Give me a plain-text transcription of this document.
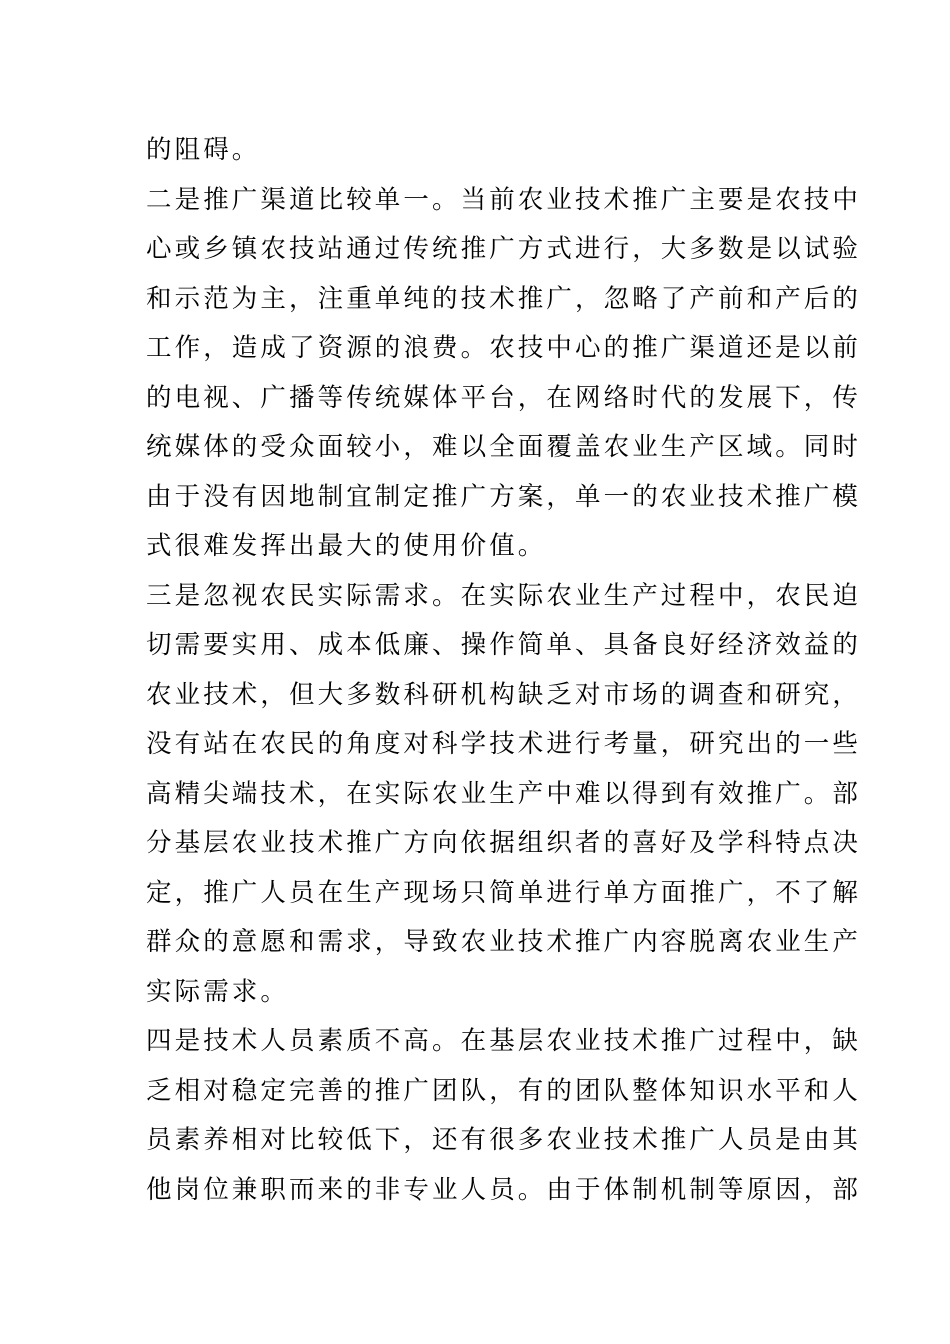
的阻碍。
二是推广渠道比较单一。当前农业技术推广主要是农技中
心或乡镇农技站通过传统推广方式进行，大多数是以试验
和示范为主，注重单纯的技术推广，忽略了产前和产后的
工作，造成了资源的浪费。农技中心的推广渠道还是以前
的电视、广播等传统媒体平台，在网络时代的发展下，传
统媒体的受众面较小，难以全面覆盖农业生产区域。同时
由于没有因地制宜制定推广方案，单一的农业技术推广模
式很难发挥出最大的使用价值。
三是忽视农民实际需求。在实际农业生产过程中，农民迫
切需要实用、成本低廉、操作简单、具备良好经济效益的
农业技术，但大多数科研机构缺乏对市场的调查和研究，
没有站在农民的角度对科学技术进行考量，研究出的一些
高精尖端技术，在实际农业生产中难以得到有效推广。部
分基层农业技术推广方向依据组织者的喜好及学科特点决
定，推广人员在生产现场只简单进行单方面推广，不了解
群众的意愿和需求，导致农业技术推广内容脱离农业生产
实际需求。
四是技术人员素质不高。在基层农业技术推广过程中，缺
乏相对稳定完善的推广团队，有的团队整体知识水平和人
员素养相对比较低下，还有很多农业技术推广人员是由其
他岗位兼职而来的非专业人员。由于体制机制等原因，部
